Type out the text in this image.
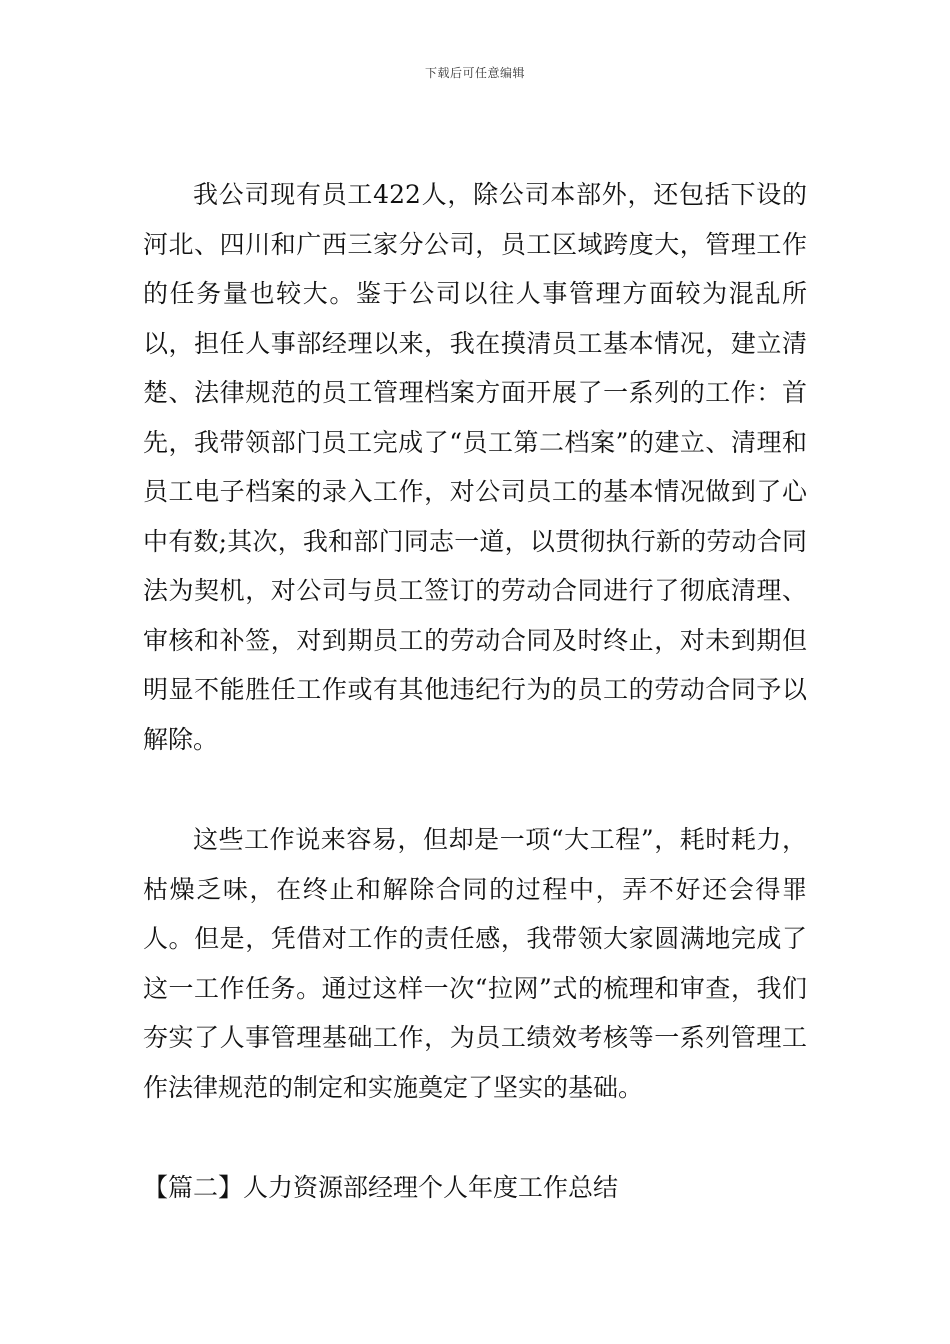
下载后可任意编辑

我公司现有员工422人，除公司本部外，还包括下设的河北、四川和广西三家分公司，员工区域跨度大，管理工作的任务量也较大。鉴于公司以往人事管理方面较为混乱所以，担任人事部经理以来，我在摸清员工基本情况，建立清楚、法律规范的员工管理档案方面开展了一系列的工作：首先，我带领部门员工完成了“员工第二档案”的建立、清理和员工电子档案的录入工作，对公司员工的基本情况做到了心中有数;其次，我和部门同志一道，以贯彻执行新的劳动合同法为契机，对公司与员工签订的劳动合同进行了彻底清理、审核和补签，对到期员工的劳动合同及时终止，对未到期但明显不能胜任工作或有其他违纪行为的员工的劳动合同予以解除。

这些工作说来容易，但却是一项“大工程”，耗时耗力，枯燥乏味，在终止和解除合同的过程中，弄不好还会得罪人。但是，凭借对工作的责任感，我带领大家圆满地完成了这一工作任务。通过这样一次“拉网”式的梳理和审查，我们夯实了人事管理基础工作，为员工绩效考核等一系列管理工作法律规范的制定和实施奠定了坚实的基础。

【篇二】人力资源部经理个人年度工作总结
